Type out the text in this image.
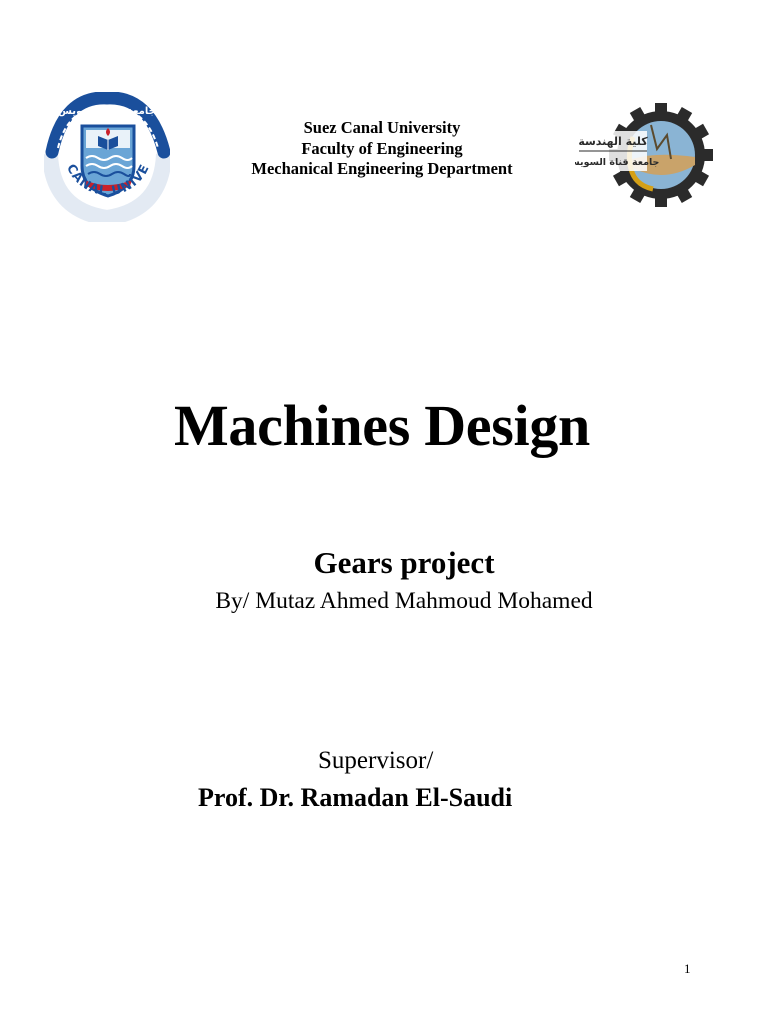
جامعة قناة السويس
CANAL UNIVE
Suez Canal University
Faculty of Engineering
Mechanical Engineering Department
كلية الهندسة
جامعة قناة السويس
Machines Design
Gears project
By/ Mutaz Ahmed Mahmoud Mohamed
Supervisor/
Prof. Dr. Ramadan El-Saudi
1
